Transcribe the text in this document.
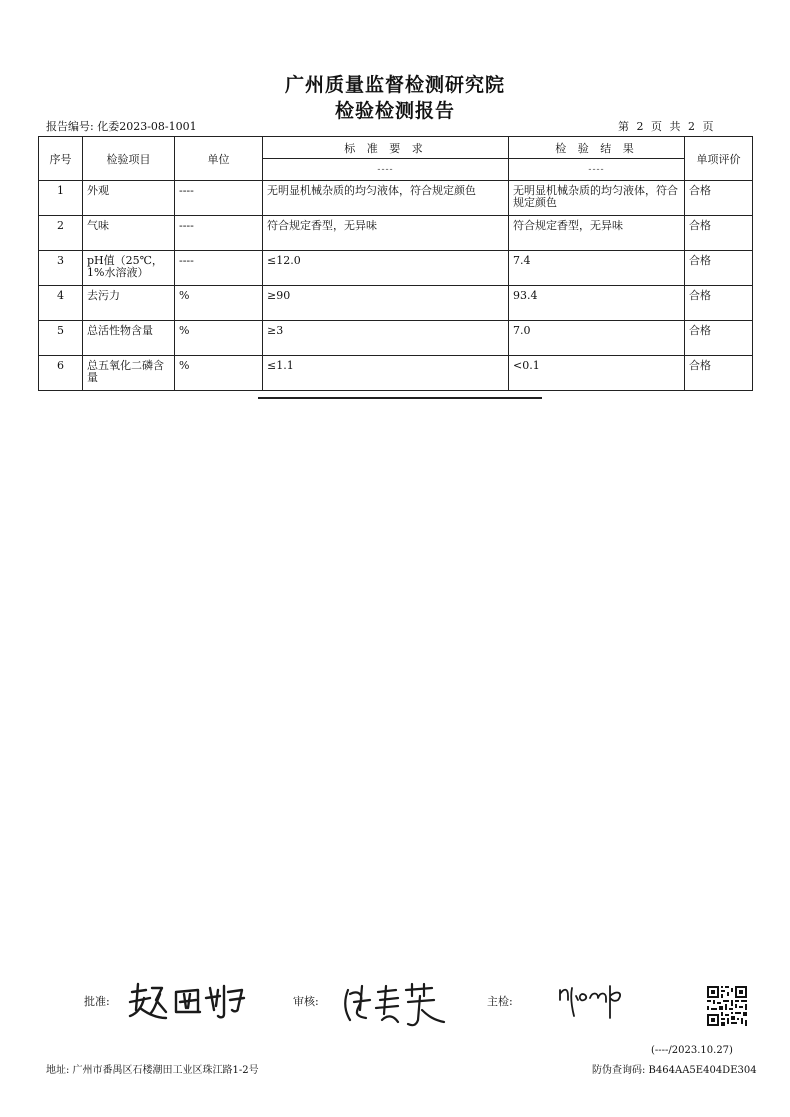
广州质量监督检测研究院
检验检测报告
报告编号: 化委2023-08-1001	第 2 页 共 2 页
序号	检验项目	单位	标 准 要 求	检 验 结 果	单项评价
			----	----	
1	外观	----	无明显机械杂质的均匀液体，符合规定颜色	无明显机械杂质的均匀液体，符合规定颜色	合格
2	气味	----	符合规定香型，无异味	符合规定香型，无异味	合格
3	pH值（25℃，1%水溶液）	----	≤12.0	7.4	合格
4	去污力	%	≥90	93.4	合格
5	总活性物含量	%	≥3	7.0	合格
6	总五氧化二磷含量	%	≤1.1	<0.1	合格
批准:	审核:	主检:
(----/2023.10.27)
地址: 广州市番禺区石楼潮田工业区珠江路1-2号	防伪查询码: B464AA5E404DE304
